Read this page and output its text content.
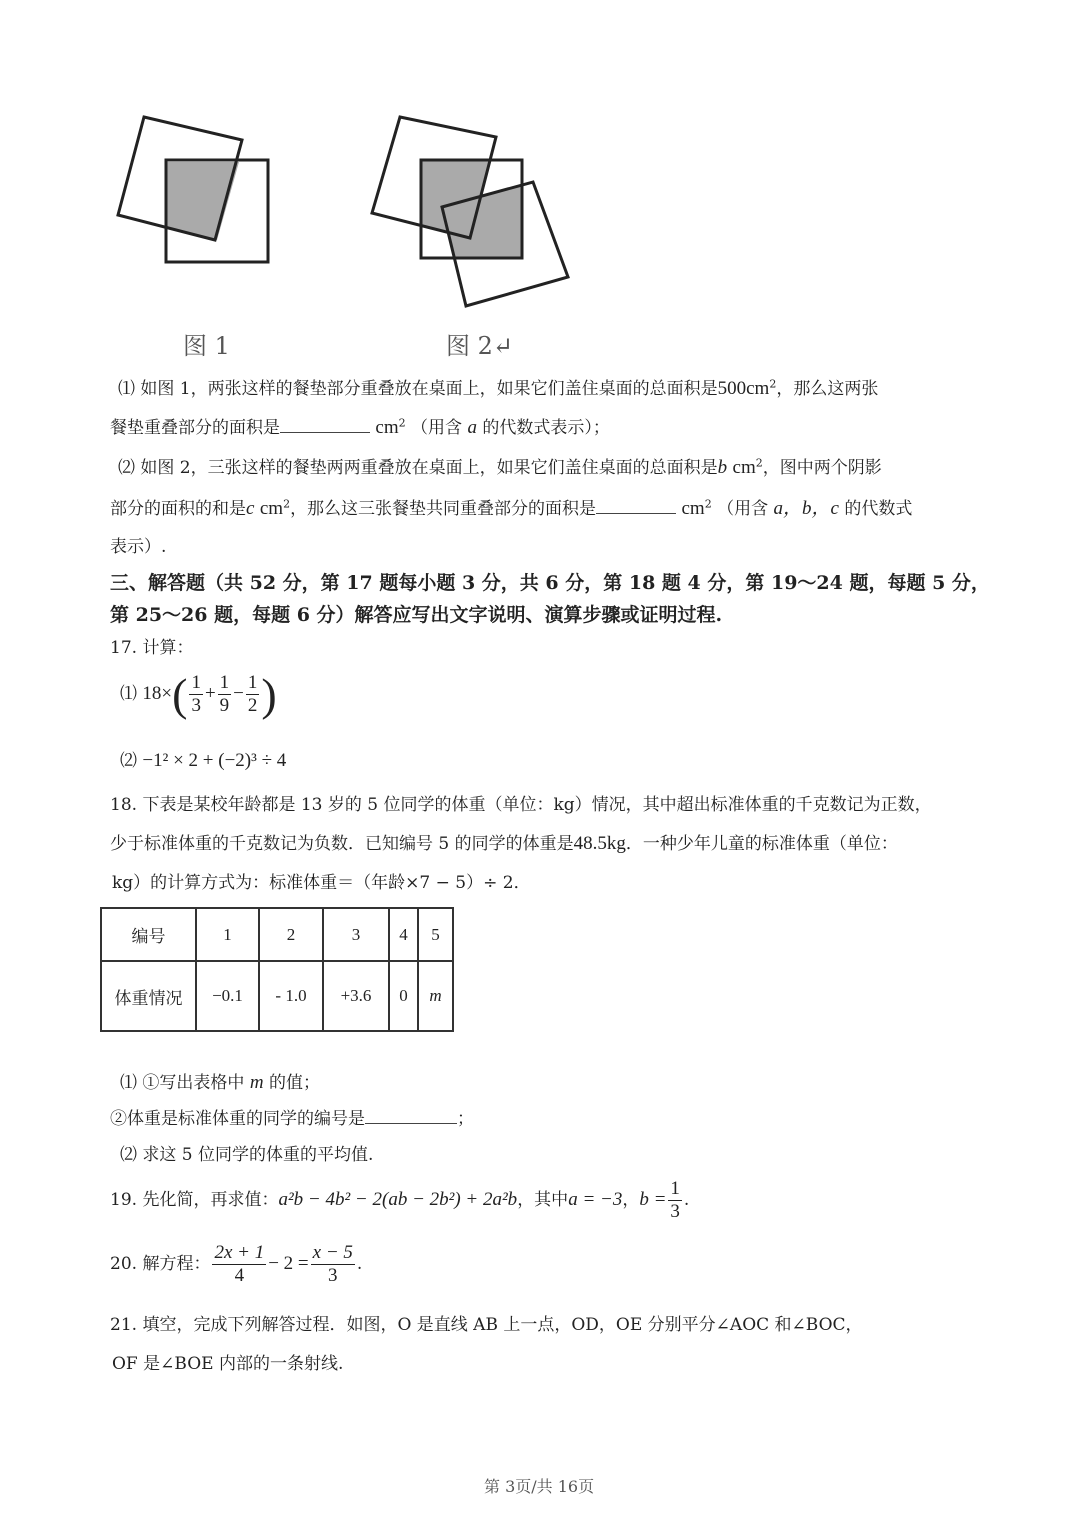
图 1	图 2↵
⑴ 如图 1，两张这样的餐垫部分重叠放在桌面上，如果它们盖住桌面的总面积是$500cm^2$，那么这两张
餐垫重叠部分的面积是	$cm^2$ （用含 a 的代数式表示）；
⑵ 如图 2，三张这样的餐垫两两重叠放在桌面上，如果它们盖住桌面的总面积是b $cm^2$，图中两个阴影
部分的面积的和是c $cm^2$，那么这三张餐垫共同重叠部分的面积是	$cm^2$ （用含 a，b，c 的代数式
表示）.
三、解答题（共 52 分，第 17 题每小题 3 分，共 6 分，第 18 题 4 分，第 19～24 题，每题 5 分，
第 25～26 题，每题 6 分）解答应写出文字说明、演算步骤或证明过程.
17. 计算：
⑴ $18\times( \frac{1}{3} + \frac{1}{9} - \frac{1}{2}$ )
⑵ −1² × 2 + (−2)³ ÷ 4
18. 下表是某校年龄都是 13 岁的 5 位同学的体重（单位：kg）情况，其中超出标准体重的千克数记为正数，
少于标准体重的千克数记为负数．已知编号 5 的同学的体重是48.5kg．一种少年儿童的标准体重（单位：
kg）的计算方式为：标准体重＝（年龄×7 − 5）÷ 2．
编号	1	2	3	4	5
体重情况	−0.1	- 1.0	+3.6	0	m
⑴ ①写出表格中 m 的值；
②体重是标准体重的同学的编号是	；
⑵ 求这 5 位同学的体重的平均值.
19. 先化简，再求值：a²b − 4b² − 2(ab − 2b²) + 2a²b，其中a = −3，$b = \frac{1}{3}$ .
20. 解方程： $\frac{2x + 1}{4} - 2 = \frac{x - 5}{3}$ .
21. 填空，完成下列解答过程．如图，O 是直线 AB 上一点，OD，OE 分别平分∠AOC 和∠BOC，
OF 是∠BOE 内部的一条射线.
第 3页/共 16页
